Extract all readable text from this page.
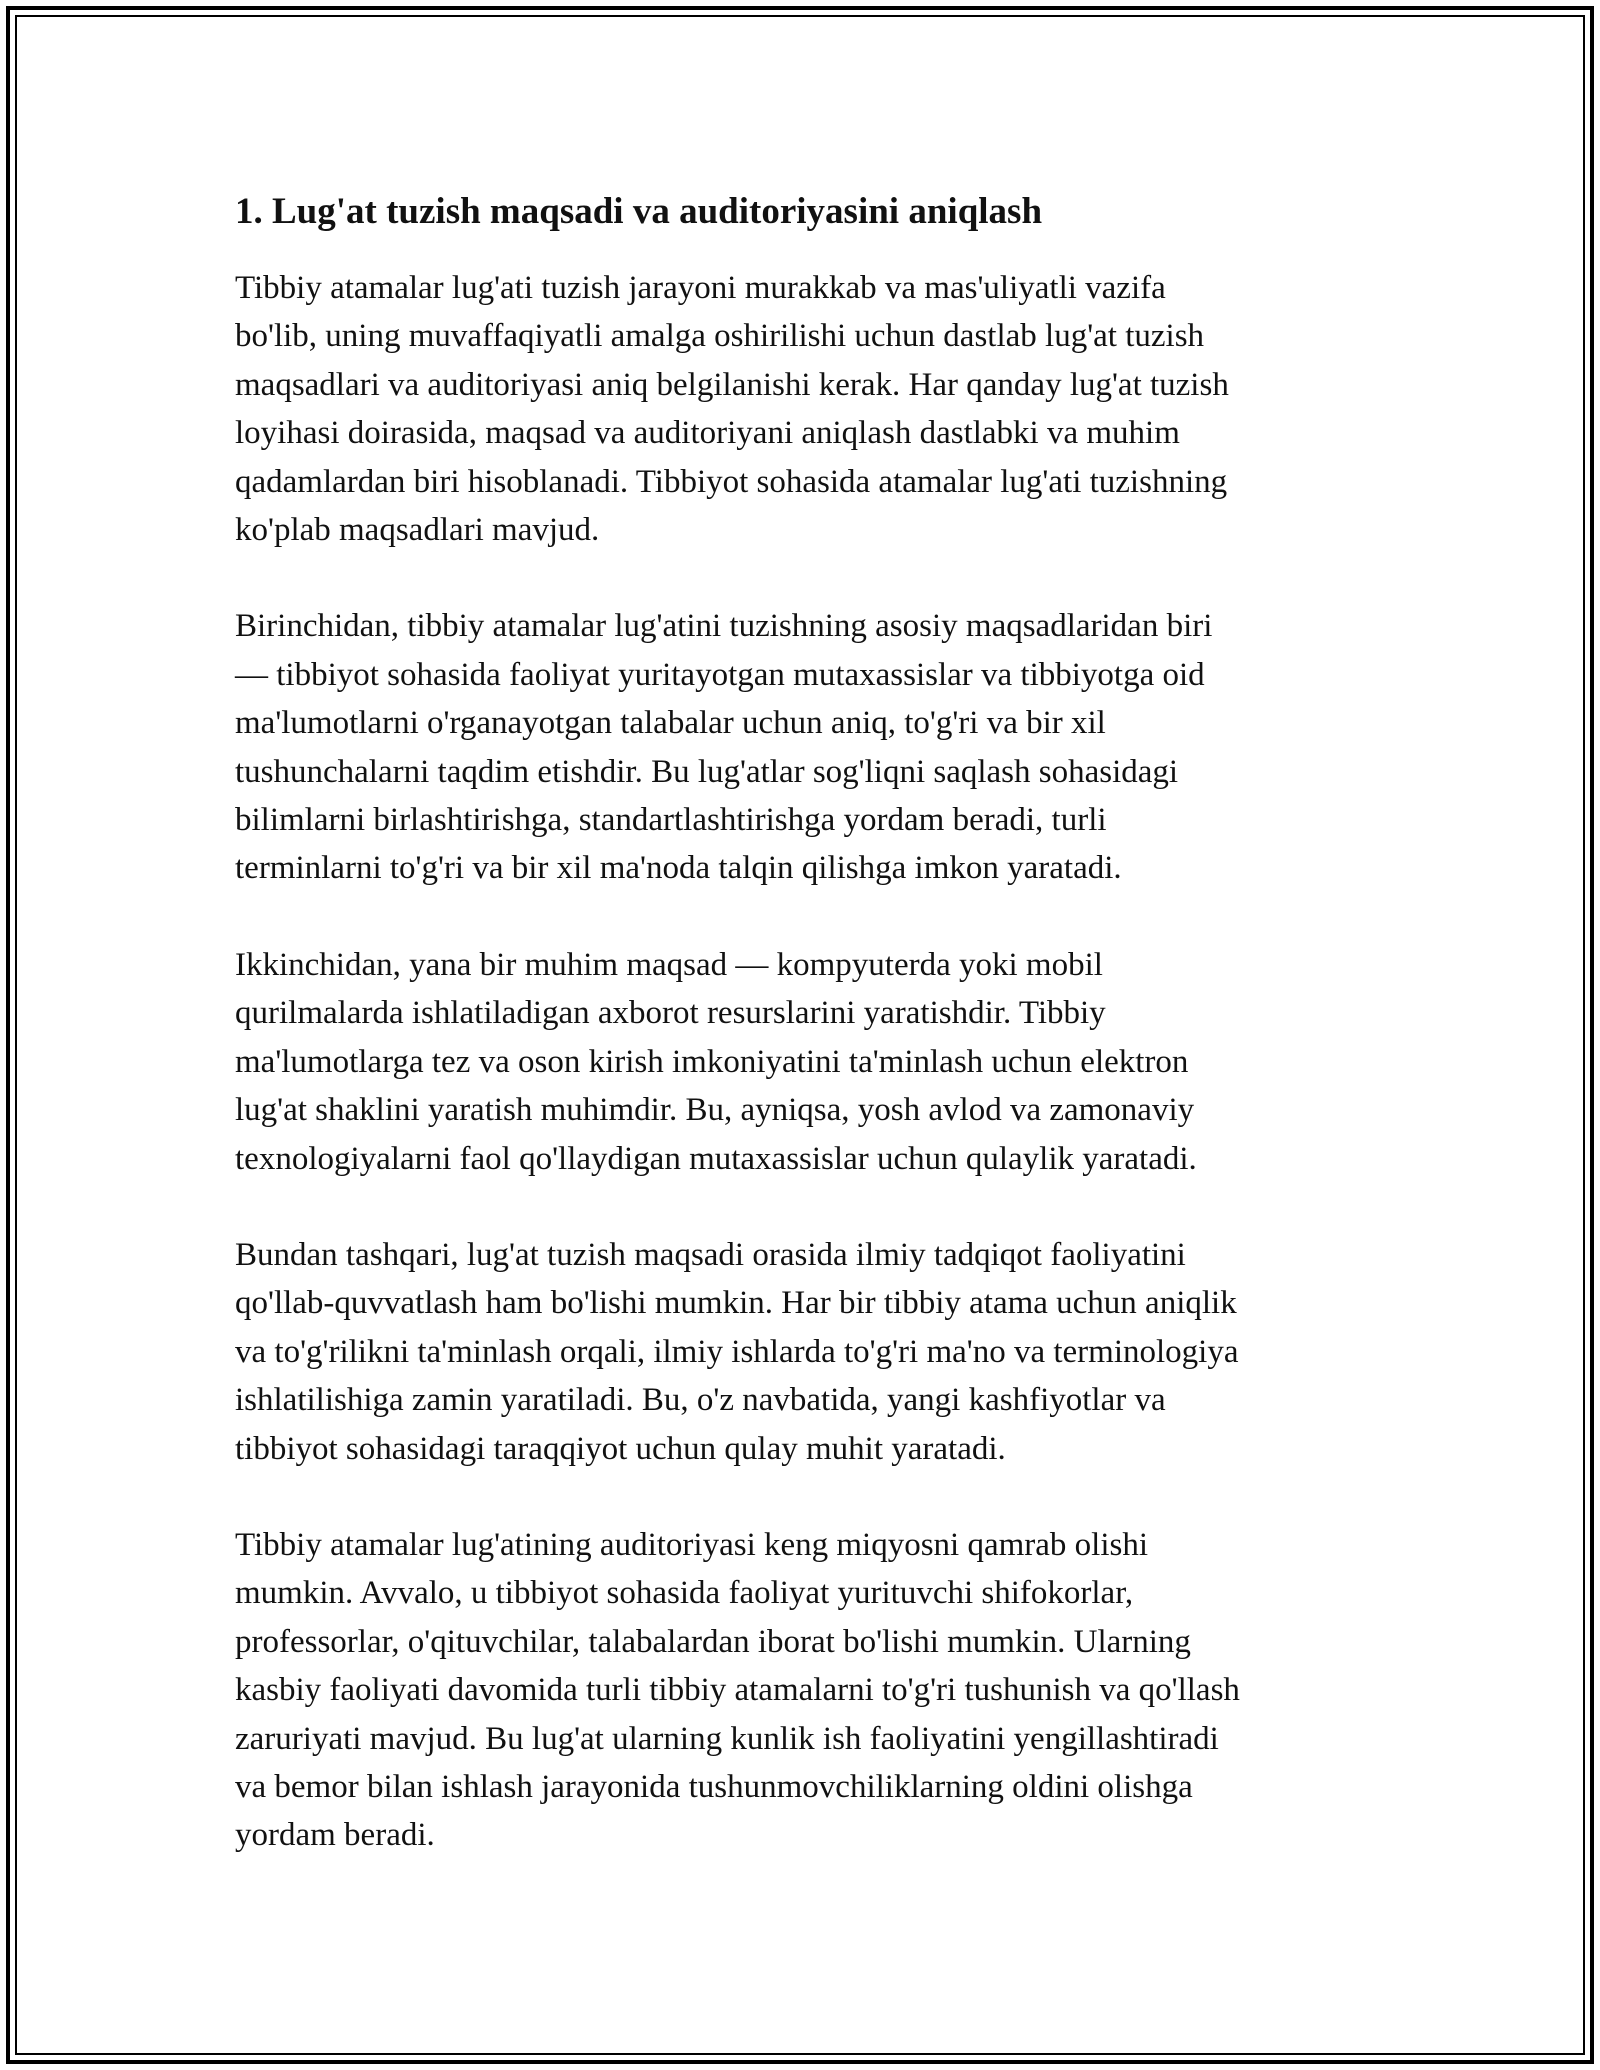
1. Lug'at tuzish maqsadi va auditoriyasini aniqlash

Tibbiy atamalar lug'ati tuzish jarayoni murakkab va mas'uliyatli vazifa
bo'lib, uning muvaffaqiyatli amalga oshirilishi uchun dastlab lug'at tuzish
maqsadlari va auditoriyasi aniq belgilanishi kerak. Har qanday lug'at tuzish
loyihasi doirasida, maqsad va auditoriyani aniqlash dastlabki va muhim
qadamlardan biri hisoblanadi. Tibbiyot sohasida atamalar lug'ati tuzishning
ko'plab maqsadlari mavjud.

Birinchidan, tibbiy atamalar lug'atini tuzishning asosiy maqsadlaridan biri
— tibbiyot sohasida faoliyat yuritayotgan mutaxassislar va tibbiyotga oid
ma'lumotlarni o'rganayotgan talabalar uchun aniq, to'g'ri va bir xil
tushunchalarni taqdim etishdir. Bu lug'atlar sog'liqni saqlash sohasidagi
bilimlarni birlashtirishga, standartlashtirishga yordam beradi, turli
terminlarni to'g'ri va bir xil ma'noda talqin qilishga imkon yaratadi.

Ikkinchidan, yana bir muhim maqsad — kompyuterda yoki mobil
qurilmalarda ishlatiladigan axborot resurslarini yaratishdir. Tibbiy
ma'lumotlarga tez va oson kirish imkoniyatini ta'minlash uchun elektron
lug'at shaklini yaratish muhimdir. Bu, ayniqsa, yosh avlod va zamonaviy
texnologiyalarni faol qo'llaydigan mutaxassislar uchun qulaylik yaratadi.

Bundan tashqari, lug'at tuzish maqsadi orasida ilmiy tadqiqot faoliyatini
qo'llab-quvvatlash ham bo'lishi mumkin. Har bir tibbiy atama uchun aniqlik
va to'g'rilikni ta'minlash orqali, ilmiy ishlarda to'g'ri ma'no va terminologiya
ishlatilishiga zamin yaratiladi. Bu, o'z navbatida, yangi kashfiyotlar va
tibbiyot sohasidagi taraqqiyot uchun qulay muhit yaratadi.

Tibbiy atamalar lug'atining auditoriyasi keng miqyosni qamrab olishi
mumkin. Avvalo, u tibbiyot sohasida faoliyat yurituvchi shifokorlar,
professorlar, o'qituvchilar, talabalardan iborat bo'lishi mumkin. Ularning
kasbiy faoliyati davomida turli tibbiy atamalarni to'g'ri tushunish va qo'llash
zaruriyati mavjud. Bu lug'at ularning kunlik ish faoliyatini yengillashtiradi
va bemor bilan ishlash jarayonida tushunmovchiliklarning oldini olishga
yordam beradi.
